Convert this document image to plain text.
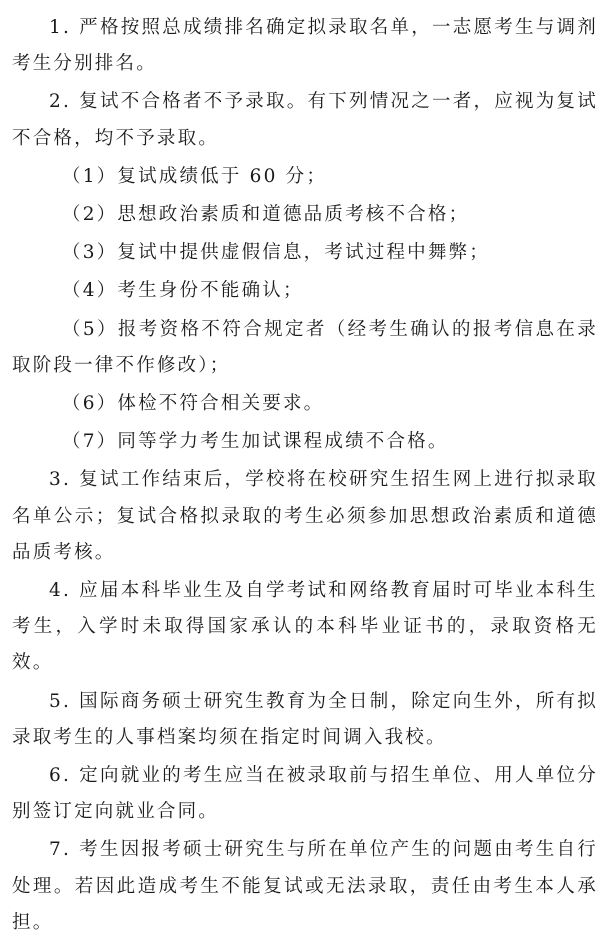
1. 严格按照总成绩排名确定拟录取名单，一志愿考生与调剂考生分别排名。

2. 复试不合格者不予录取。有下列情况之一者，应视为复试不合格，均不予录取。

（1）复试成绩低于 60 分；

（2）思想政治素质和道德品质考核不合格；

（3）复试中提供虚假信息，考试过程中舞弊；

（4）考生身份不能确认；

（5）报考资格不符合规定者（经考生确认的报考信息在录取阶段一律不作修改）；

（6）体检不符合相关要求。

（7）同等学力考生加试课程成绩不合格。

3. 复试工作结束后，学校将在校研究生招生网上进行拟录取名单公示；复试合格拟录取的考生必须参加思想政治素质和道德品质考核。

4. 应届本科毕业生及自学考试和网络教育届时可毕业本科生考生，入学时未取得国家承认的本科毕业证书的，录取资格无效。

5. 国际商务硕士研究生教育为全日制，除定向生外，所有拟录取考生的人事档案均须在指定时间调入我校。

6. 定向就业的考生应当在被录取前与招生单位、用人单位分别签订定向就业合同。

7. 考生因报考硕士研究生与所在单位产生的问题由考生自行处理。若因此造成考生不能复试或无法录取，责任由考生本人承担。
